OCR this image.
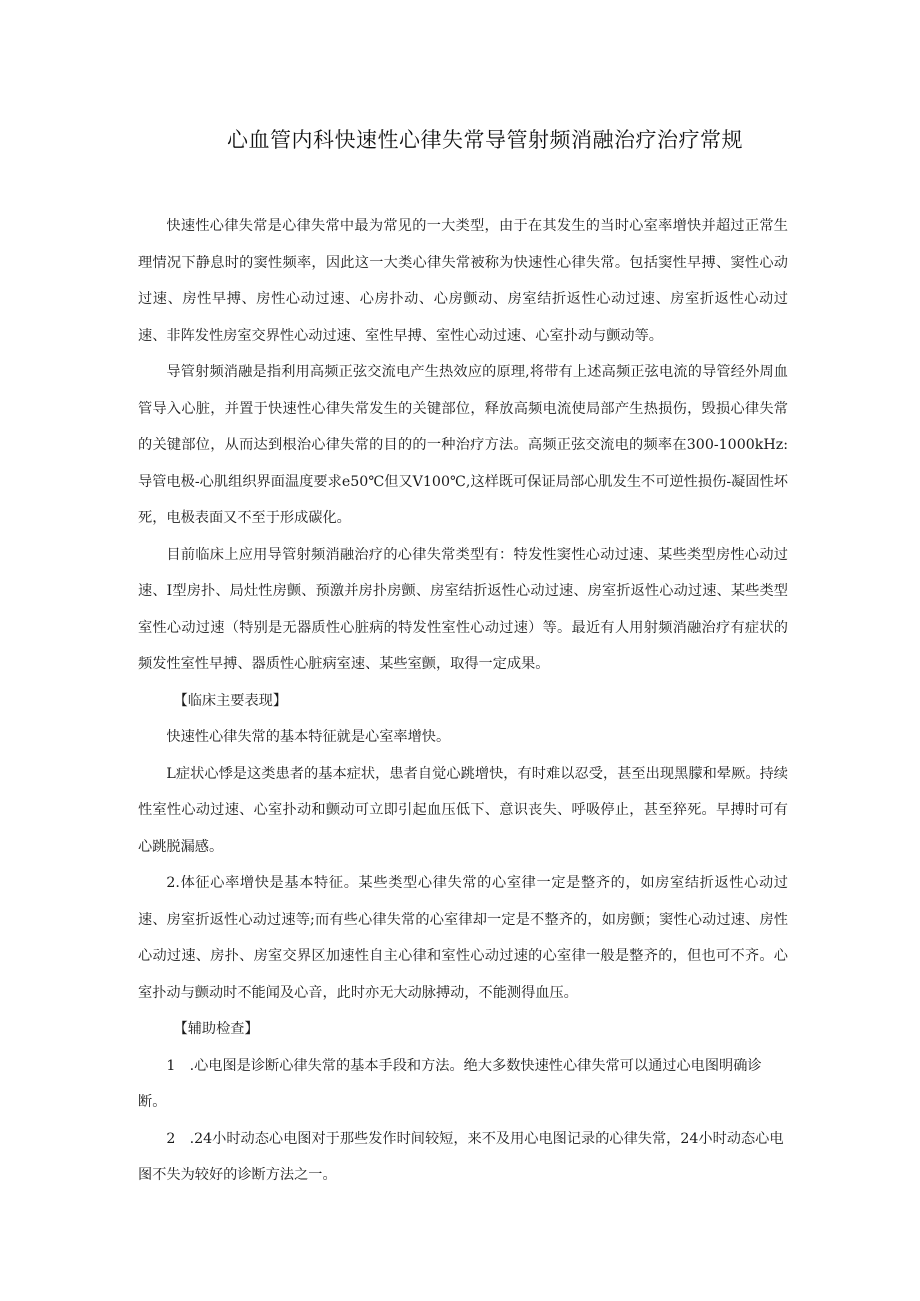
心血管内科快速性心律失常导管射频消融治疗治疗常规

快速性心律失常是心律失常中最为常见的一大类型，由于在其发生的当时心室率增快并超过正常生理情况下静息时的窦性频率，因此这一大类心律失常被称为快速性心律失常。包括窦性早搏、窦性心动过速、房性早搏、房性心动过速、心房扑动、心房颤动、房室结折返性心动过速、房室折返性心动过速、非阵发性房室交界性心动过速、室性早搏、室性心动过速、心室扑动与颤动等。

导管射频消融是指利用高频正弦交流电产生热效应的原理,将带有上述高频正弦电流的导管经外周血管导入心脏，并置于快速性心律失常发生的关键部位，释放高频电流使局部产生热损伤，毁损心律失常的关键部位，从而达到根治心律失常的目的的一种治疗方法。高频正弦交流电的频率在300-1000kHz:导管电极-心肌组织界面温度要求e50℃但又V100℃,这样既可保证局部心肌发生不可逆性损伤-凝固性坏死，电极表面又不至于形成碳化。

目前临床上应用导管射频消融治疗的心律失常类型有：特发性窦性心动过速、某些类型房性心动过速、I型房扑、局灶性房颤、预激并房扑房颤、房室结折返性心动过速、房室折返性心动过速、某些类型室性心动过速（特别是无器质性心脏病的特发性室性心动过速）等。最近有人用射频消融治疗有症状的频发性室性早搏、器质性心脏病室速、某些室颤，取得一定成果。

【临床主要表现】

快速性心律失常的基本特征就是心室率增快。

L症状心悸是这类患者的基本症状，患者自觉心跳增快，有时难以忍受，甚至出现黑朦和晕厥。持续性室性心动过速、心室扑动和颤动可立即引起血压低下、意识丧失、呼吸停止，甚至猝死。早搏时可有心跳脱漏感。

2.体征心率增快是基本特征。某些类型心律失常的心室律一定是整齐的，如房室结折返性心动过速、房室折返性心动过速等;而有些心律失常的心室律却一定是不整齐的，如房颤；窦性心动过速、房性心动过速、房扑、房室交界区加速性自主心律和室性心动过速的心室律一般是整齐的，但也可不齐。心室扑动与颤动时不能闻及心音，此时亦无大动脉搏动，不能测得血压。

【辅助检查】

1　.心电图是诊断心律失常的基本手段和方法。绝大多数快速性心律失常可以通过心电图明确诊断。

2　.24小时动态心电图对于那些发作时间较短，来不及用心电图记录的心律失常，24小时动态心电图不失为较好的诊断方法之一。
